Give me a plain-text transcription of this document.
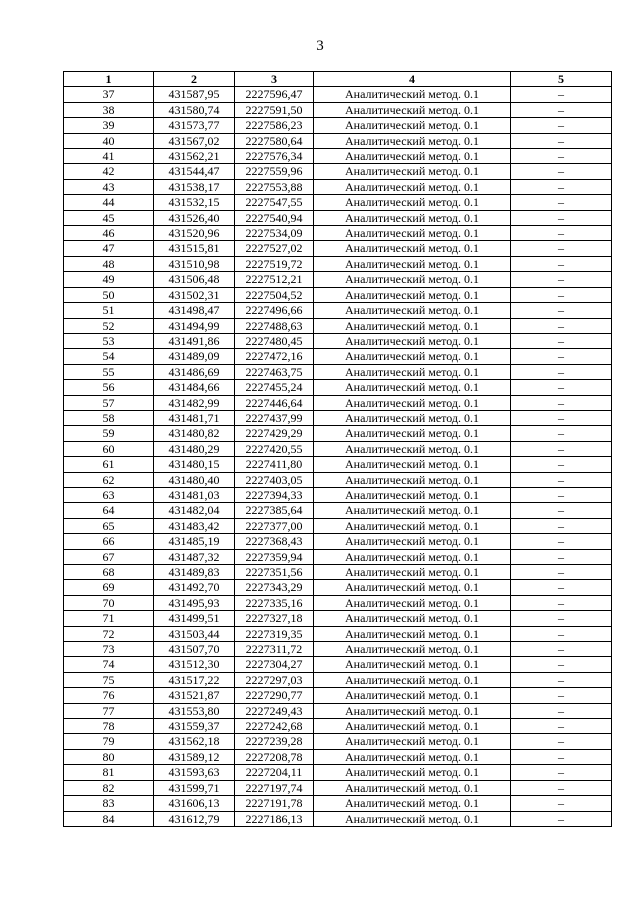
3
1	2	3	4	5
37	431587,95	2227596,47	Аналитический метод. 0.1	–
38	431580,74	2227591,50	Аналитический метод. 0.1	–
39	431573,77	2227586,23	Аналитический метод. 0.1	–
40	431567,02	2227580,64	Аналитический метод. 0.1	–
41	431562,21	2227576,34	Аналитический метод. 0.1	–
42	431544,47	2227559,96	Аналитический метод. 0.1	–
43	431538,17	2227553,88	Аналитический метод. 0.1	–
44	431532,15	2227547,55	Аналитический метод. 0.1	–
45	431526,40	2227540,94	Аналитический метод. 0.1	–
46	431520,96	2227534,09	Аналитический метод. 0.1	–
47	431515,81	2227527,02	Аналитический метод. 0.1	–
48	431510,98	2227519,72	Аналитический метод. 0.1	–
49	431506,48	2227512,21	Аналитический метод. 0.1	–
50	431502,31	2227504,52	Аналитический метод. 0.1	–
51	431498,47	2227496,66	Аналитический метод. 0.1	–
52	431494,99	2227488,63	Аналитический метод. 0.1	–
53	431491,86	2227480,45	Аналитический метод. 0.1	–
54	431489,09	2227472,16	Аналитический метод. 0.1	–
55	431486,69	2227463,75	Аналитический метод. 0.1	–
56	431484,66	2227455,24	Аналитический метод. 0.1	–
57	431482,99	2227446,64	Аналитический метод. 0.1	–
58	431481,71	2227437,99	Аналитический метод. 0.1	–
59	431480,82	2227429,29	Аналитический метод. 0.1	–
60	431480,29	2227420,55	Аналитический метод. 0.1	–
61	431480,15	2227411,80	Аналитический метод. 0.1	–
62	431480,40	2227403,05	Аналитический метод. 0.1	–
63	431481,03	2227394,33	Аналитический метод. 0.1	–
64	431482,04	2227385,64	Аналитический метод. 0.1	–
65	431483,42	2227377,00	Аналитический метод. 0.1	–
66	431485,19	2227368,43	Аналитический метод. 0.1	–
67	431487,32	2227359,94	Аналитический метод. 0.1	–
68	431489,83	2227351,56	Аналитический метод. 0.1	–
69	431492,70	2227343,29	Аналитический метод. 0.1	–
70	431495,93	2227335,16	Аналитический метод. 0.1	–
71	431499,51	2227327,18	Аналитический метод. 0.1	–
72	431503,44	2227319,35	Аналитический метод. 0.1	–
73	431507,70	2227311,72	Аналитический метод. 0.1	–
74	431512,30	2227304,27	Аналитический метод. 0.1	–
75	431517,22	2227297,03	Аналитический метод. 0.1	–
76	431521,87	2227290,77	Аналитический метод. 0.1	–
77	431553,80	2227249,43	Аналитический метод. 0.1	–
78	431559,37	2227242,68	Аналитический метод. 0.1	–
79	431562,18	2227239,28	Аналитический метод. 0.1	–
80	431589,12	2227208,78	Аналитический метод. 0.1	–
81	431593,63	2227204,11	Аналитический метод. 0.1	–
82	431599,71	2227197,74	Аналитический метод. 0.1	–
83	431606,13	2227191,78	Аналитический метод. 0.1	–
84	431612,79	2227186,13	Аналитический метод. 0.1	–
